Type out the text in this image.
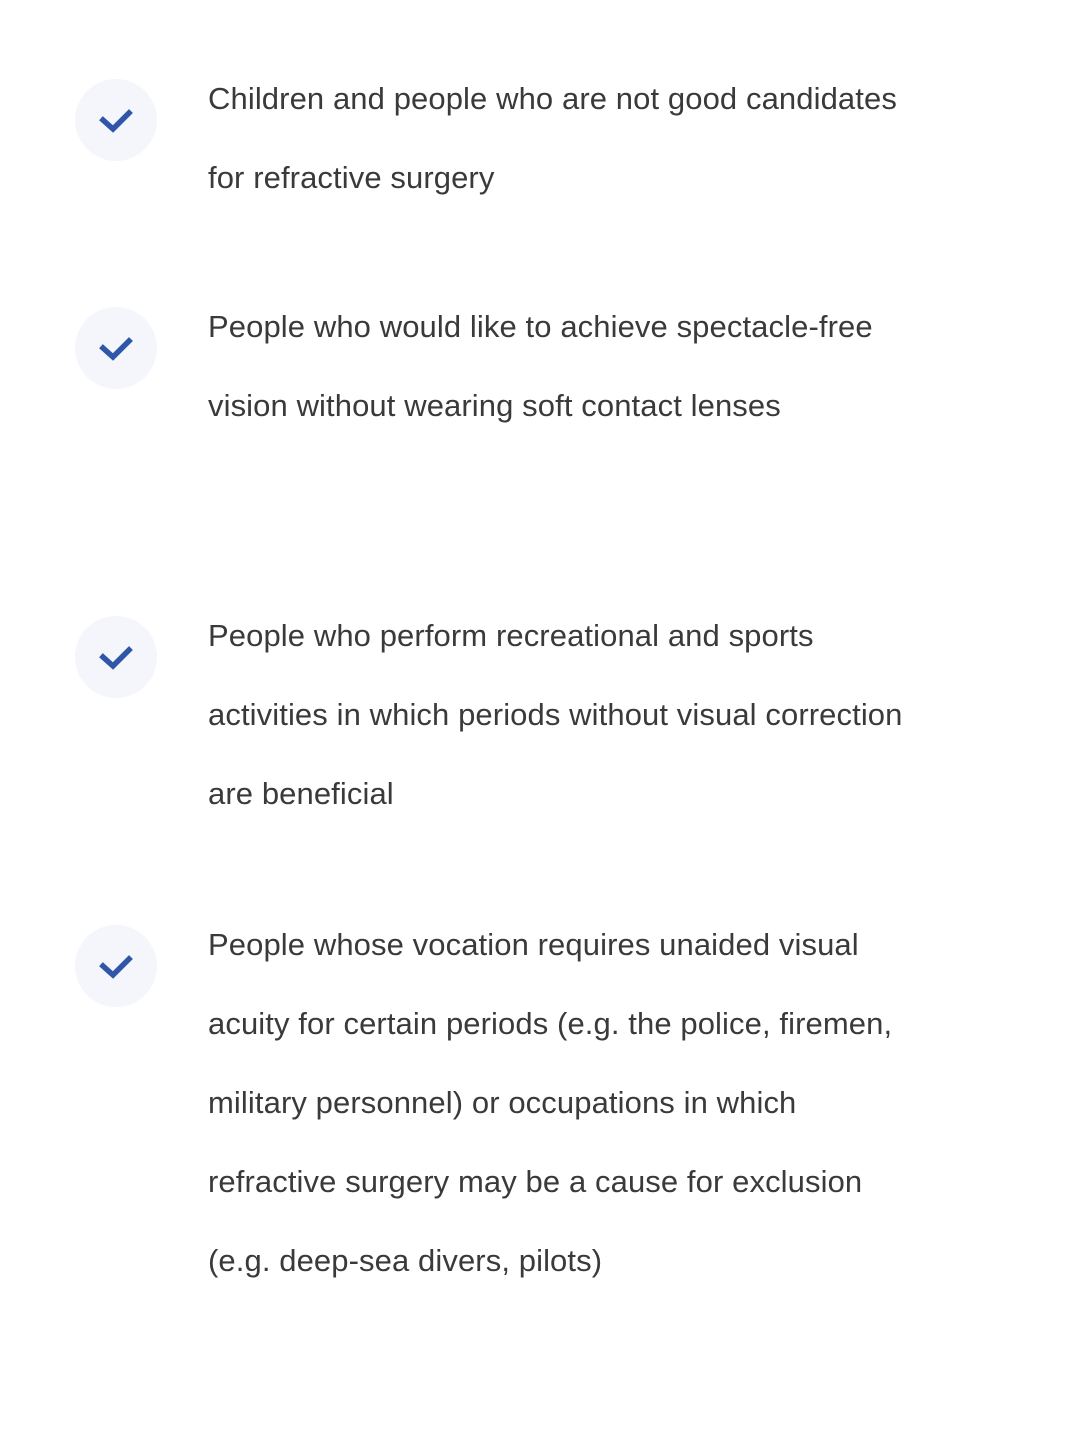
Children and people who are not good candidates for refractive surgery

People who would like to achieve spectacle-free vision without wearing soft contact lenses

People who perform recreational and sports activities in which periods without visual correction are beneficial

People whose vocation requires unaided visual acuity for certain periods (e.g. the police, firemen, military personnel) or occupations in which refractive surgery may be a cause for exclusion (e.g. deep-sea divers, pilots)
